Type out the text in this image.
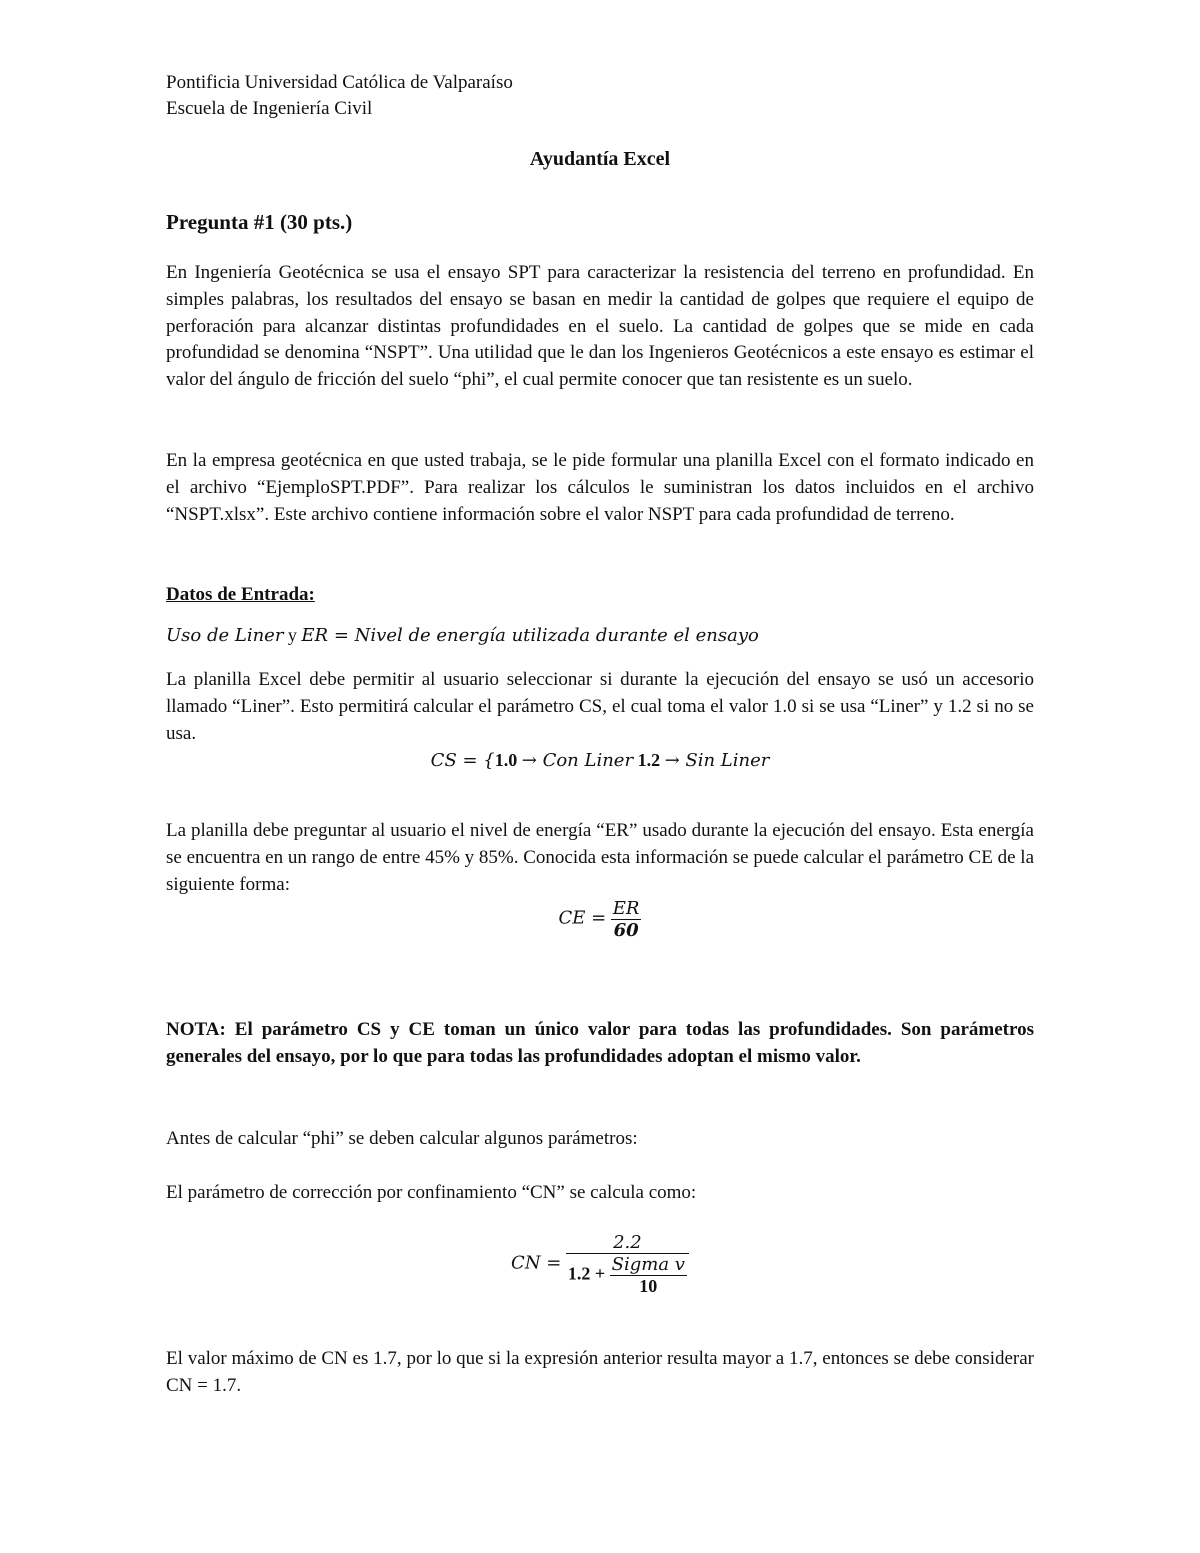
Pontificia Universidad Católica de Valparaíso
Escuela de Ingeniería Civil
Ayudantía Excel
Pregunta #1 (30 pts.)
En Ingeniería Geotécnica se usa el ensayo SPT para caracterizar la resistencia del terreno en profundidad. En simples palabras, los resultados del ensayo se basan en medir la cantidad de golpes que requiere el equipo de perforación para alcanzar distintas profundidades en el suelo. La cantidad de golpes que se mide en cada profundidad se denomina “NSPT”. Una utilidad que le dan los Ingenieros Geotécnicos a este ensayo es estimar el valor del ángulo de fricción del suelo “phi”, el cual permite conocer que tan resistente es un suelo.
En la empresa geotécnica en que usted trabaja, se le pide formular una planilla Excel con el formato indicado en el archivo “EjemploSPT.PDF”. Para realizar los cálculos le suministran los datos incluidos en el archivo “NSPT.xlsx”. Este archivo contiene información sobre el valor NSPT para cada profundidad de terreno.
Datos de Entrada:
Uso de Liner y ER = Nivel de energía utilizada durante el ensayo
La planilla Excel debe permitir al usuario seleccionar si durante la ejecución del ensayo se usó un accesorio llamado “Liner”. Esto permitirá calcular el parámetro CS, el cual toma el valor 1.0 si se usa “Liner” y 1.2 si no se usa.
CS = {1.0 → Con Liner 1.2 → Sin Liner
La planilla debe preguntar al usuario el nivel de energía “ER” usado durante la ejecución del ensayo. Esta energía se encuentra en un rango de entre 45% y 85%. Conocida esta información se puede calcular el parámetro CE de la siguiente forma:
CE = $\frac{ER}{60}$
NOTA: El parámetro CS y CE toman un único valor para todas las profundidades. Son parámetros generales del ensayo, por lo que para todas las profundidades adoptan el mismo valor.
Antes de calcular “phi” se deben calcular algunos parámetros:
El parámetro de corrección por confinamiento “CN” se calcula como:
CN = $\frac{2.2}{1.2 + \frac{\text{Sigma v}}{10}}$
El valor máximo de CN es 1.7, por lo que si la expresión anterior resulta mayor a 1.7, entonces se debe considerar CN = 1.7.
